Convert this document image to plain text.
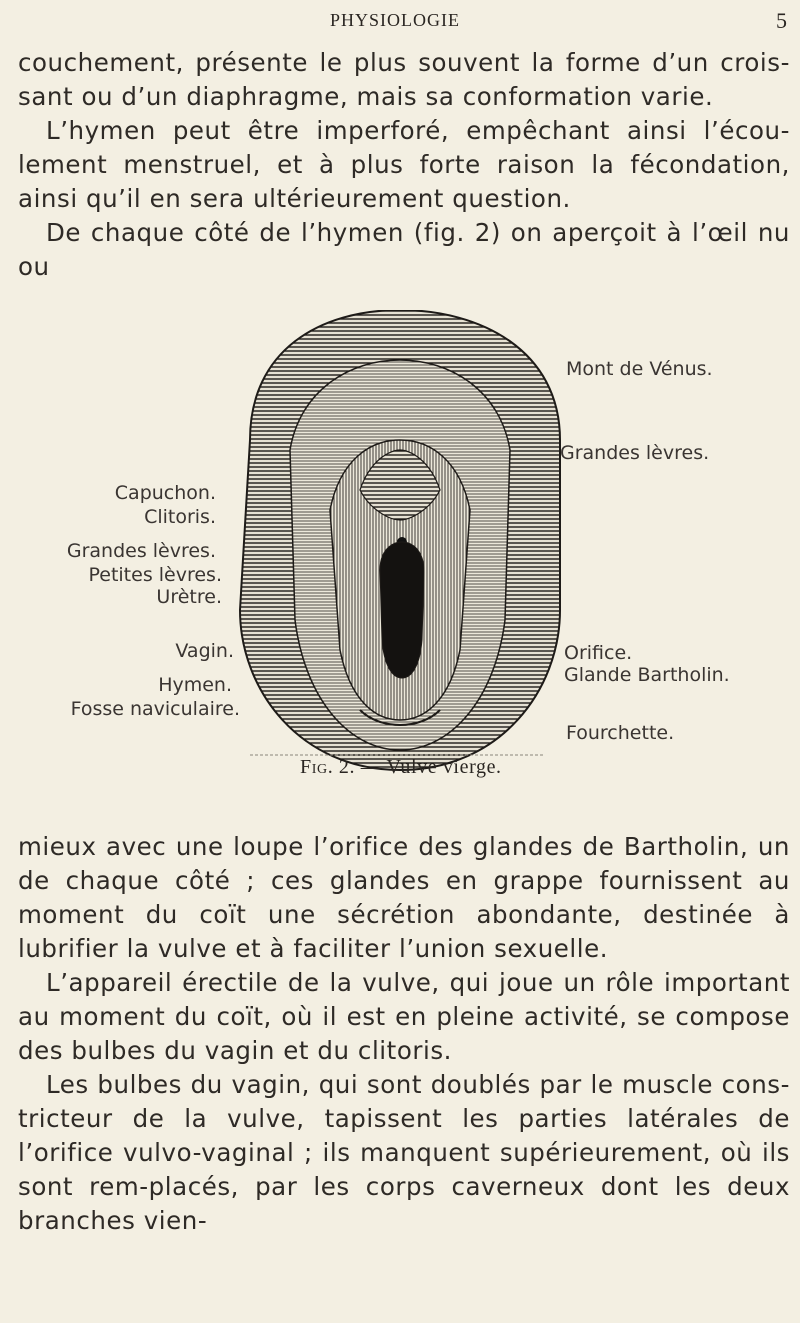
PHYSIOLOGIE	5

couchement, présente le plus souvent la forme d’un crois-sant ou d’un diaphragme, mais sa conformation varie.

L’hymen peut être imperforé, empêchant ainsi l’écou-lement menstruel, et à plus forte raison la fécondation, ainsi qu’il en sera ultérieurement question.

De chaque côté de l’hymen (fig. 2) on aperçoit à l’œil nu ou

Capuchon.
Clitoris.
Grandes lèvres.
Petites lèvres.
Urètre.
Vagin.
Hymen.
Fosse naviculaire.
Mont de Vénus.
Grandes lèvres.
Orifice.
Glande Bartholin.
Fourchette.
Fig. 2. — Vulve vierge.

mieux avec une loupe l’orifice des glandes de Bartholin, un de chaque côté ; ces glandes en grappe fournissent au moment du coït une sécrétion abondante, destinée à lubrifier la vulve et à faciliter l’union sexuelle.

L’appareil érectile de la vulve, qui joue un rôle important au moment du coït, où il est en pleine activité, se compose des bulbes du vagin et du clitoris.

Les bulbes du vagin, qui sont doublés par le muscle cons-tricteur de la vulve, tapissent les parties latérales de l’orifice vulvo-vaginal ; ils manquent supérieurement, où ils sont rem-placés, par les corps caverneux dont les deux branches vien-
